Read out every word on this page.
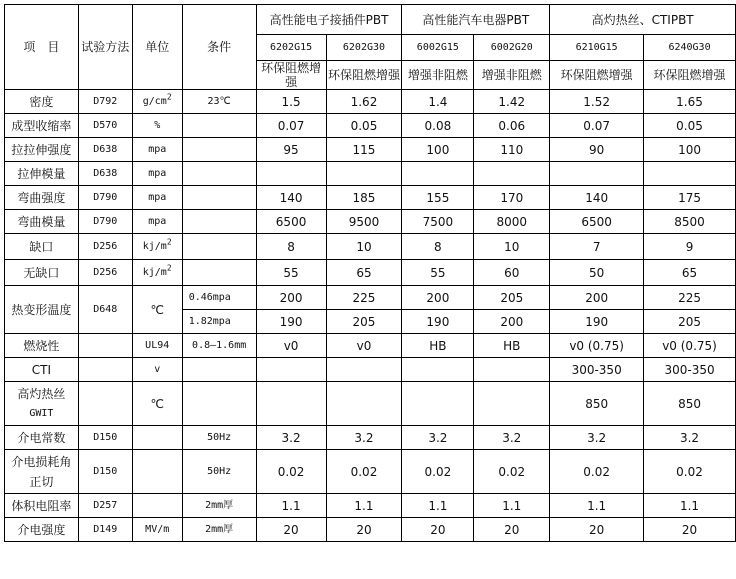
项　目	试验方法	单位	条件	高性能电子接插件PBT		高性能汽车电器PBT		高灼热丝、CTIPBT	
				6202G15	6202G30	6002G15	6002G20	6210G15	6240G30
				环保阻燃增强	环保阻燃增强	增强非阻燃	增强非阻燃	环保阻燃增强	环保阻燃增强
密度	D792	$g/cm^2$	23℃	1.5	1.62	1.4	1.42	1.52	1.65
成型收缩率	D570	%		0.07	0.05	0.08	0.06	0.07	0.05
拉拉伸强度	D638	mpa		95	115	100	110	90	100
拉伸模量	D638	mpa							
弯曲强度	D790	mpa		140	185	155	170	140	175
弯曲模量	D790	mpa		6500	9500	7500	8000	6500	8500
缺口	D256	$kj/m^2$		8	10	8	10	7	9
无缺口	D256	$kj/m^2$		55	65	55	60	50	65
热变形温度	D648	℃	0.46mpa	200	225	200	205	200	225
			1.82mpa	190	205	190	200	190	205
燃烧性		UL94	0.8—1.6mm	v0	v0	HB	HB	v0 (0.75)	v0 (0.75)
CTI		v						300-350	300-350

高灼热丝
GWIT		℃						850	850
介电常数	D150		50Hz	3.2	3.2	3.2	3.2	3.2	3.2

介电损耗角
正切	D150		50Hz	0.02	0.02	0.02	0.02	0.02	0.02
体积电阻率	D257		2mm厚	1.1	1.1	1.1	1.1	1.1	1.1
介电强度	D149	MV/m	2mm厚	20	20	20	20	20	20
